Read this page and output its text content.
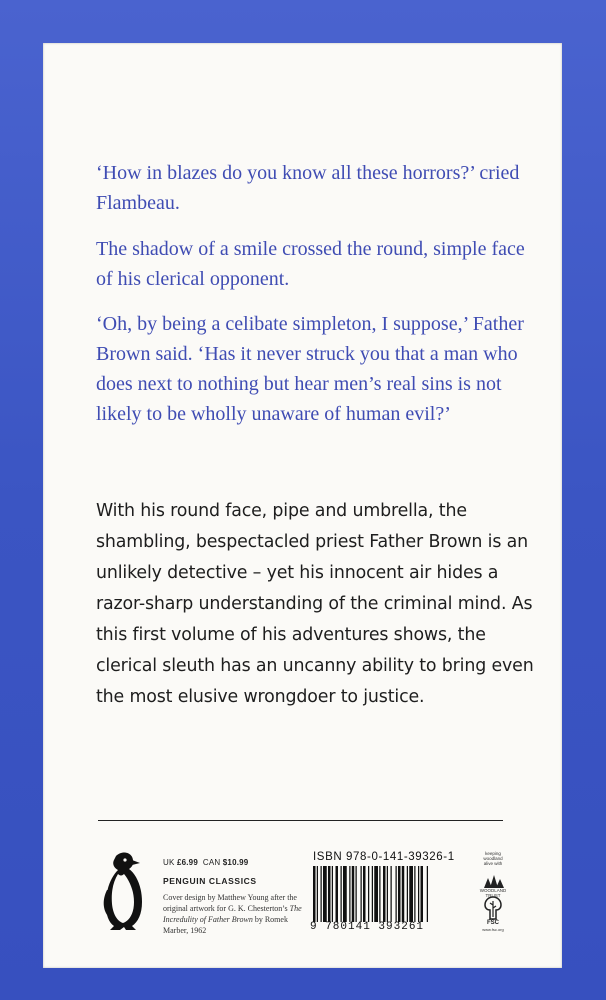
‘How in blazes do you know all these horrors?’ cried Flambeau.

The shadow of a smile crossed the round, simple face of his clerical opponent.

‘Oh, by being a celibate simpleton, I suppose,’ Father Brown said. ‘Has it never struck you that a man who does next to nothing but hear men’s real sins is not likely to be wholly unaware of human evil?’

With his round face, pipe and umbrella, the shambling, bespectacled priest Father Brown is an unlikely detective – yet his innocent air hides a razor-sharp understanding of the criminal mind. As this first volume of his adventures shows, the clerical sleuth has an uncanny ability to bring even the most elusive wrongdoer to justice.

UK £6.99 CAN $10.99
PENGUIN CLASSICS
Cover design by Matthew Young after the original artwork for G. K. Chesterton’s The Incredulity of Father Brown by Romek Marber, 1962
ISBN 978-0-141-39326-1
9 780141 393261
keeping woodland alive with
WOODLAND TRUST
FSC
www.fsc.org
